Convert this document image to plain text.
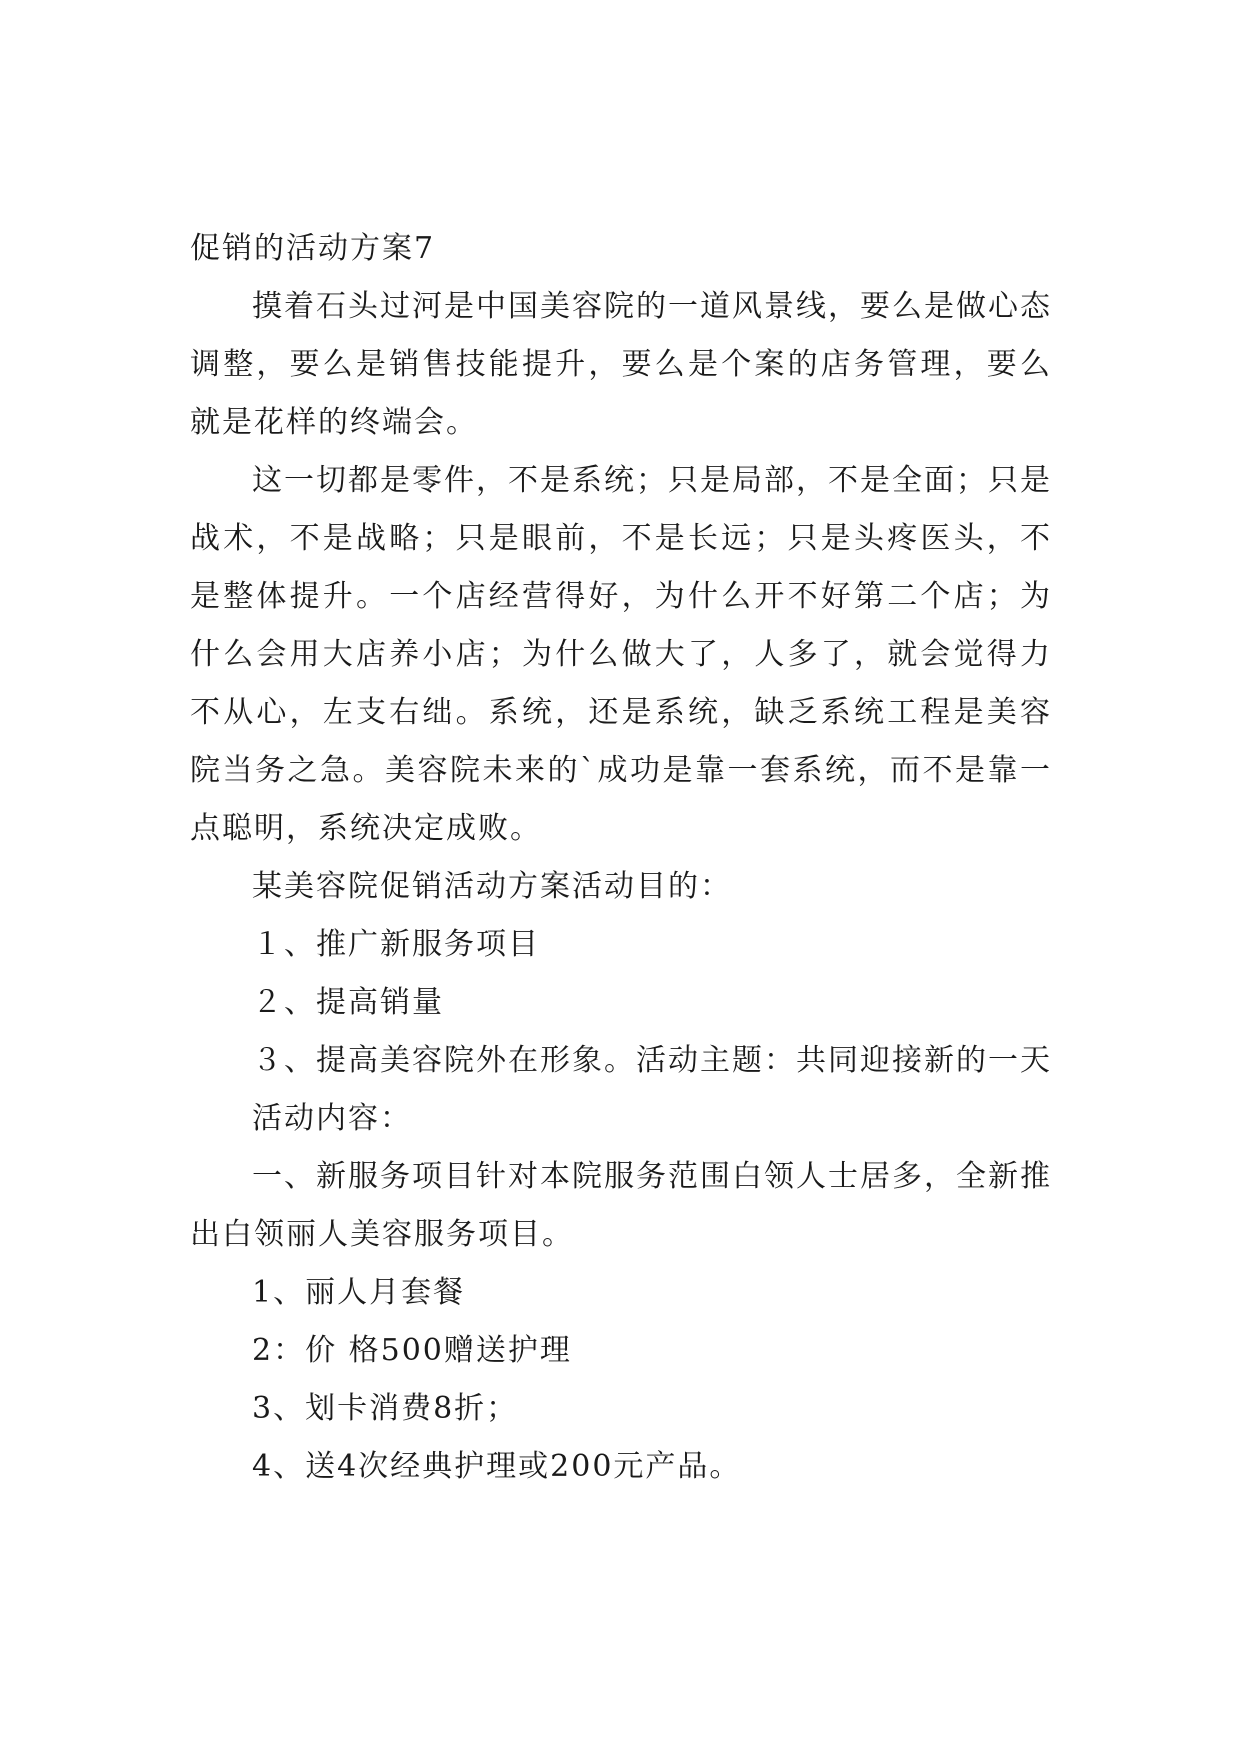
促销的活动方案7

摸着石头过河是中国美容院的一道风景线，要么是做心态调整，要么是销售技能提升，要么是个案的店务管理，要么就是花样的终端会。

这一切都是零件，不是系统；只是局部，不是全面；只是战术，不是战略；只是眼前，不是长远；只是头疼医头，不是整体提升。一个店经营得好，为什么开不好第二个店；为什么会用大店养小店；为什么做大了，人多了，就会觉得力不从心，左支右绌。系统，还是系统，缺乏系统工程是美容院当务之急。美容院未来的`成功是靠一套系统，而不是靠一点聪明，系统决定成败。

某美容院促销活动方案活动目的：

１、推广新服务项目

２、提高销量

３、提高美容院外在形象。活动主题：共同迎接新的一天

活动内容：

一、新服务项目针对本院服务范围白领人士居多，全新推出白领丽人美容服务项目。

1、丽人月套餐

2：价 格500赠送护理

3、划卡消费8折；

4、送4次经典护理或200元产品。
